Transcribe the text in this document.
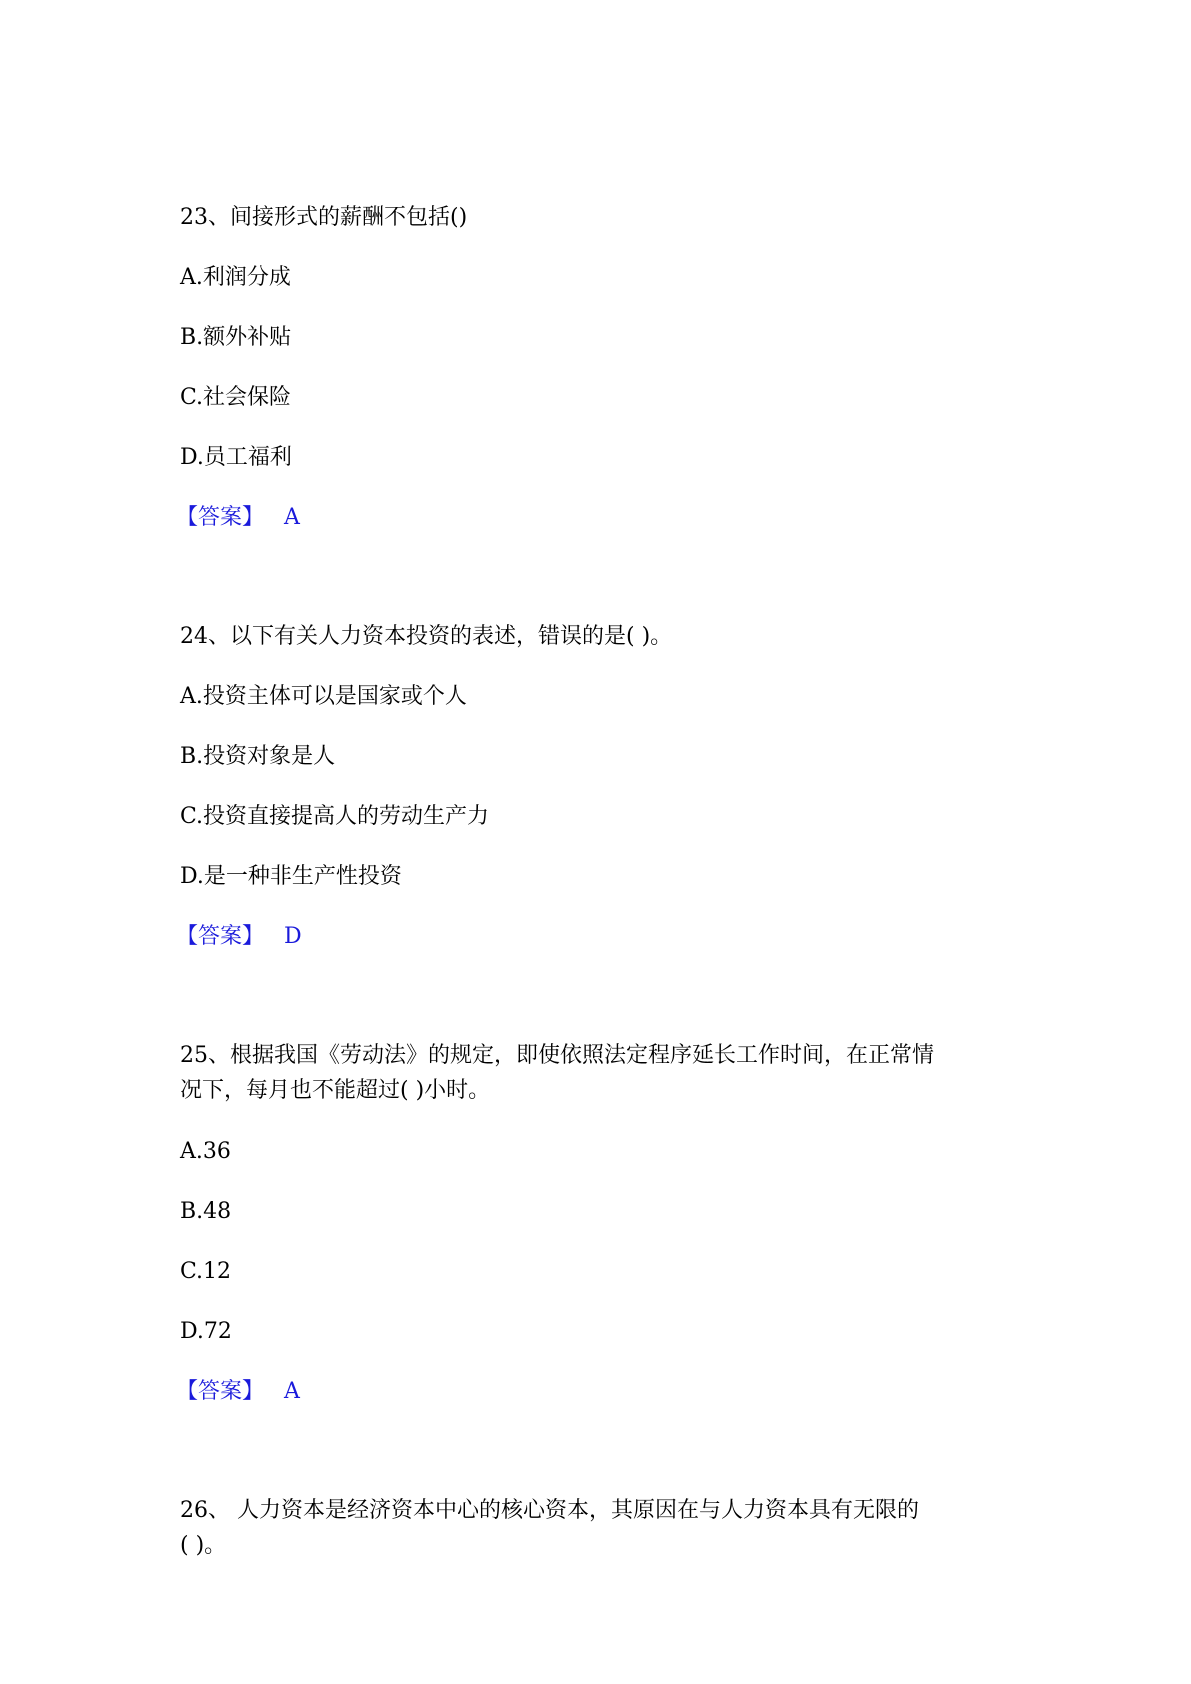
23、间接形式的薪酬不包括()
A.利润分成
B.额外补贴
C.社会保险
D.员工福利
【答案】 A
24、以下有关人力资本投资的表述，错误的是( )。
A.投资主体可以是国家或个人
B.投资对象是人
C.投资直接提高人的劳动生产力
D.是一种非生产性投资
【答案】 D
25、根据我国《劳动法》的规定，即使依照法定程序延长工作时间，在正常情
况下，每月也不能超过( )小时。
A.36
B.48
C.12
D.72
【答案】 A
26、 人力资本是经济资本中心的核心资本，其原因在与人力资本具有无限的
( )。
